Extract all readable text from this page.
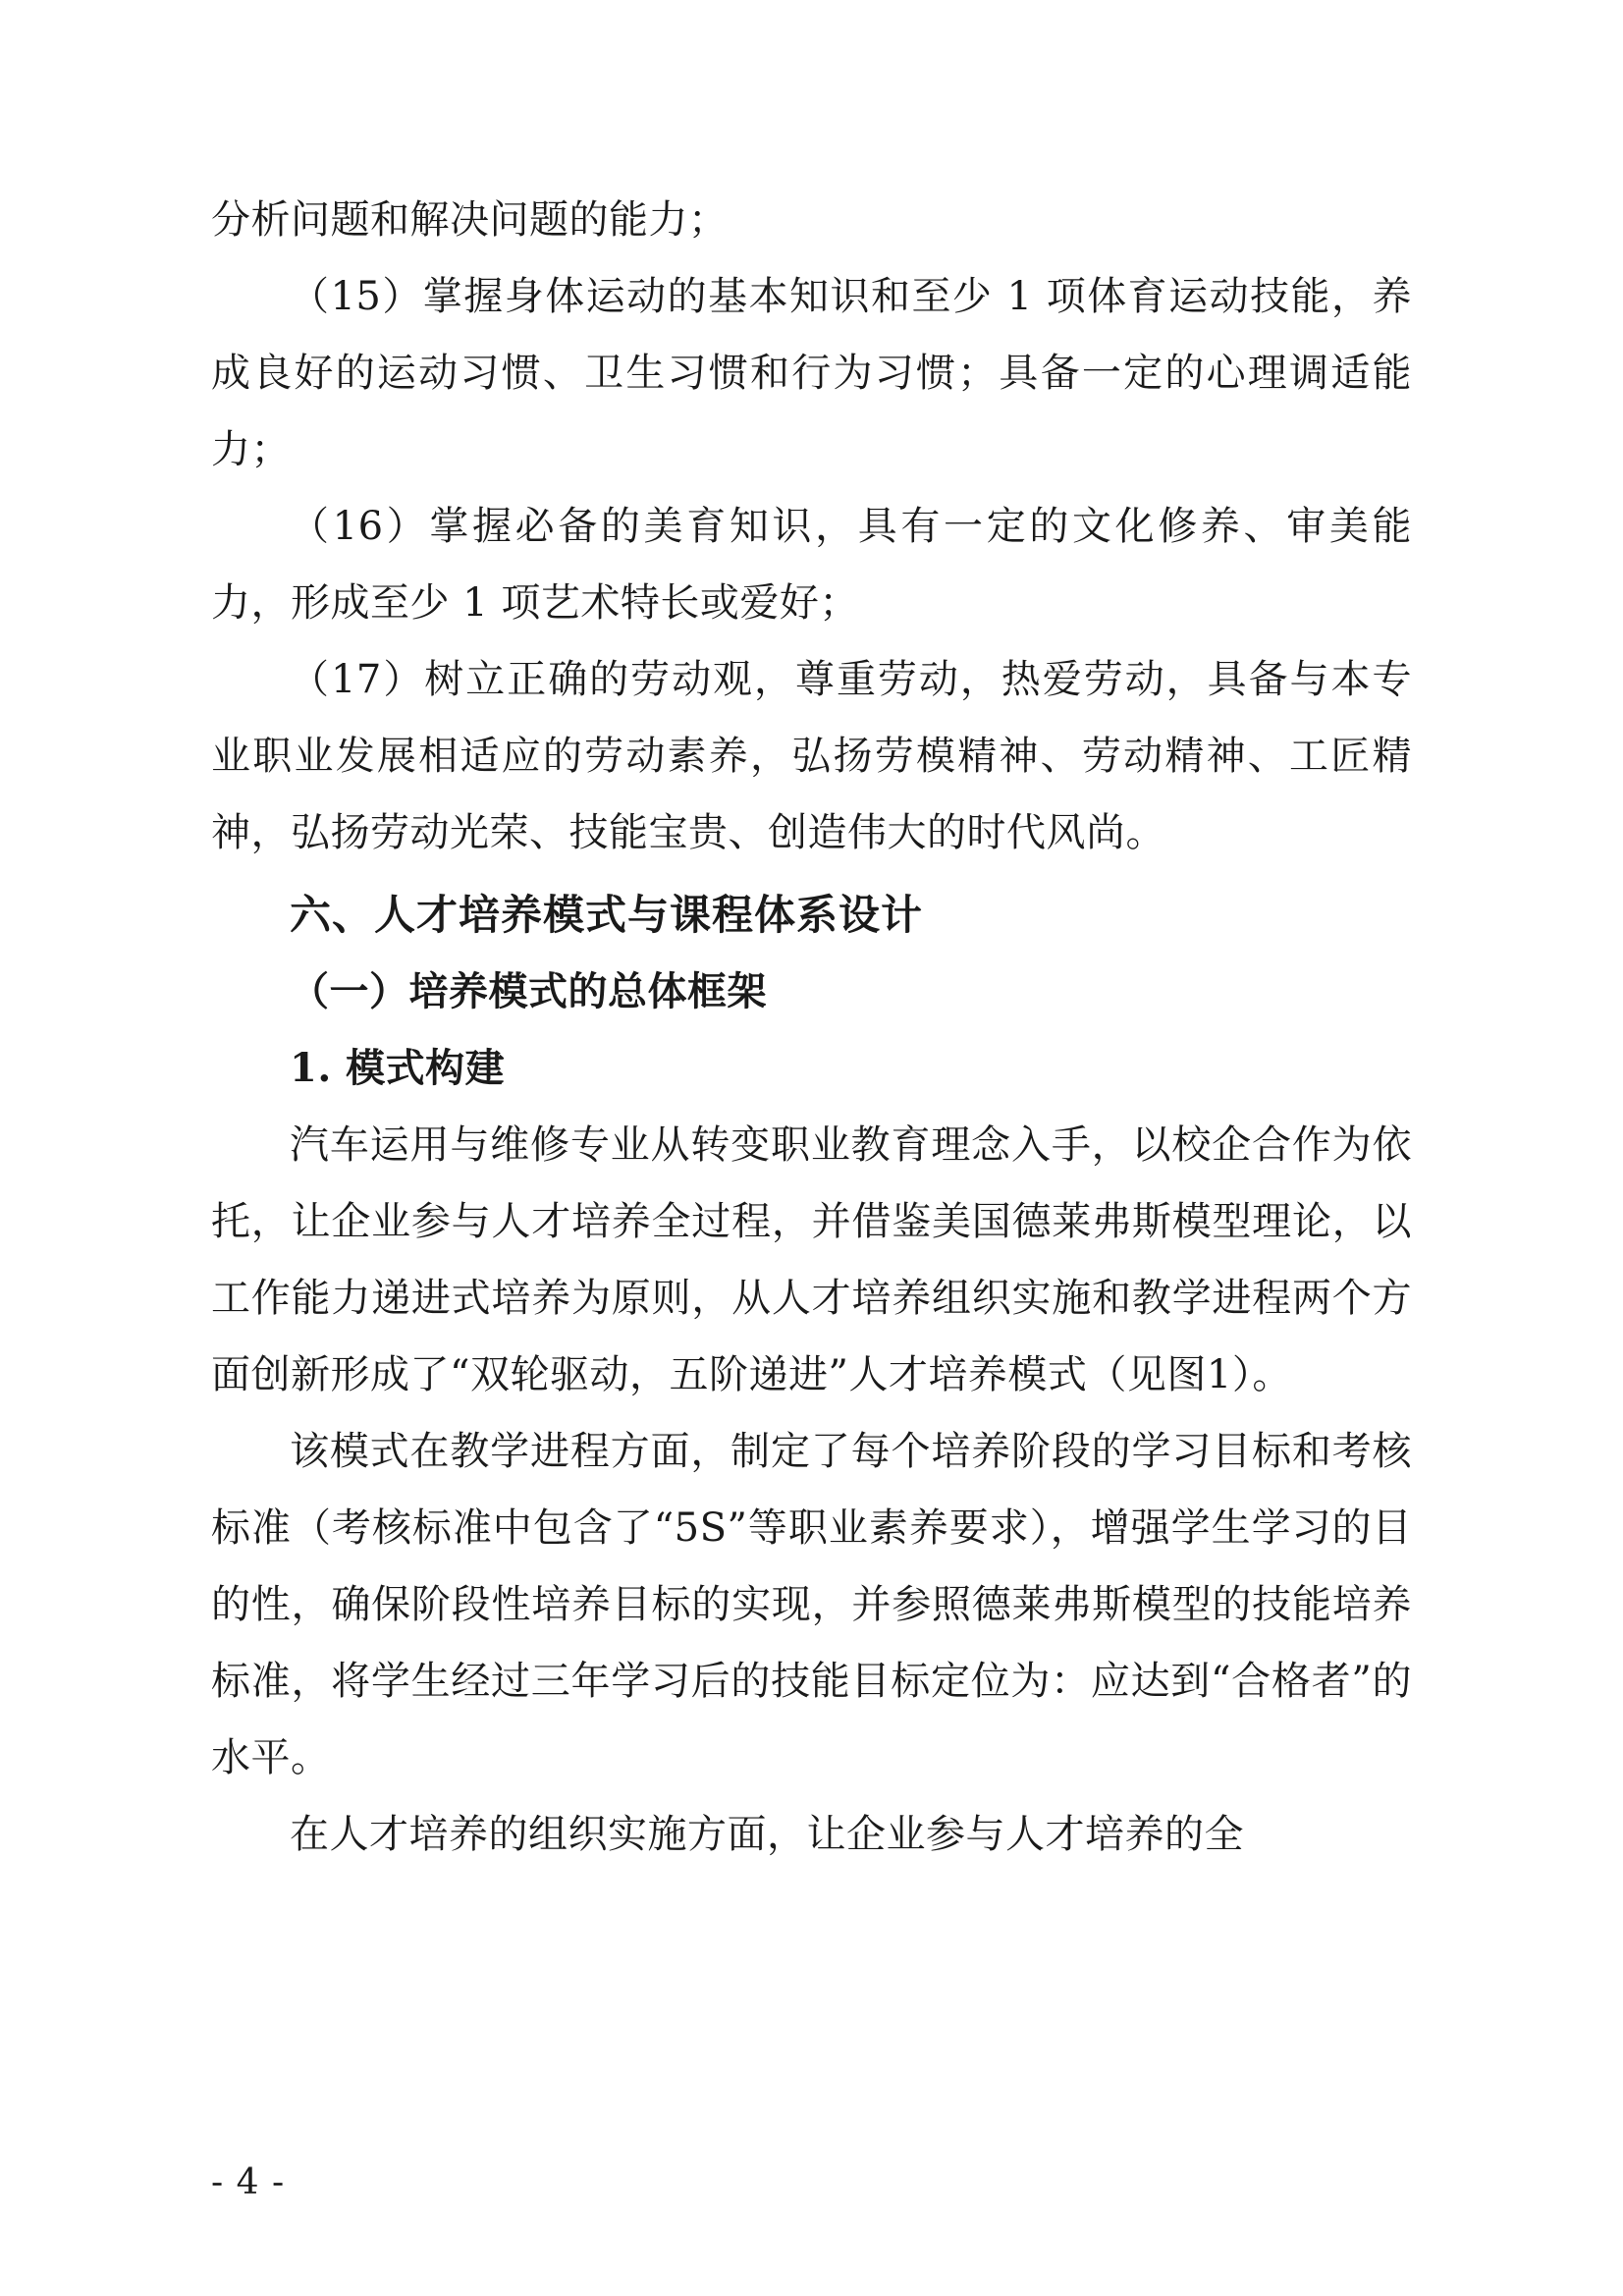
分析问题和解决问题的能力；

（15）掌握身体运动的基本知识和至少 1 项体育运动技能，养成良好的运动习惯、卫生习惯和行为习惯；具备一定的心理调适能力；

（16）掌握必备的美育知识，具有一定的文化修养、审美能力，形成至少 1 项艺术特长或爱好；

（17）树立正确的劳动观，尊重劳动，热爱劳动，具备与本专业职业发展相适应的劳动素养，弘扬劳模精神、劳动精神、工匠精神，弘扬劳动光荣、技能宝贵、创造伟大的时代风尚。

六、人才培养模式与课程体系设计
（一）培养模式的总体框架
1. 模式构建

汽车运用与维修专业从转变职业教育理念入手，以校企合作为依托，让企业参与人才培养全过程，并借鉴美国德莱弗斯模型理论，以工作能力递进式培养为原则，从人才培养组织实施和教学进程两个方面创新形成了“双轮驱动，五阶递进”人才培养模式（见图1）。

该模式在教学进程方面，制定了每个培养阶段的学习目标和考核标准（考核标准中包含了“5S”等职业素养要求），增强学生学习的目的性，确保阶段性培养目标的实现，并参照德莱弗斯模型的技能培养标准，将学生经过三年学习后的技能目标定位为：应达到“合格者”的水平。

在人才培养的组织实施方面，让企业参与人才培养的全

- 4 -
